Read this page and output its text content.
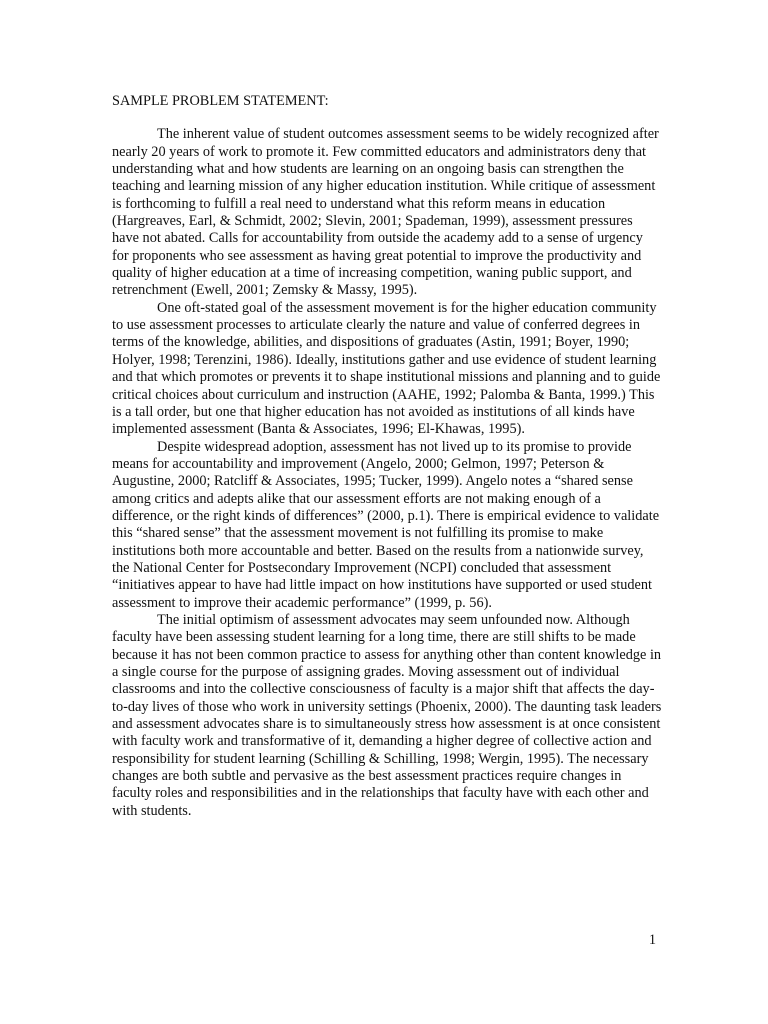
SAMPLE PROBLEM STATEMENT:

The inherent value of student outcomes assessment seems to be widely recognized after nearly 20 years of work to promote it. Few committed educators and administrators deny that understanding what and how students are learning on an ongoing basis can strengthen the teaching and learning mission of any higher education institution. While critique of assessment is forthcoming to fulfill a real need to understand what this reform means in education (Hargreaves, Earl, & Schmidt, 2002; Slevin, 2001; Spademan, 1999), assessment pressures have not abated. Calls for accountability from outside the academy add to a sense of urgency for proponents who see assessment as having great potential to improve the productivity and quality of higher education at a time of increasing competition, waning public support, and retrenchment (Ewell, 2001; Zemsky & Massy, 1995).

One oft-stated goal of the assessment movement is for the higher education community to use assessment processes to articulate clearly the nature and value of conferred degrees in terms of the knowledge, abilities, and dispositions of graduates (Astin, 1991; Boyer, 1990; Holyer, 1998; Terenzini, 1986). Ideally, institutions gather and use evidence of student learning and that which promotes or prevents it to shape institutional missions and planning and to guide critical choices about curriculum and instruction (AAHE, 1992; Palomba & Banta, 1999.) This is a tall order, but one that higher education has not avoided as institutions of all kinds have implemented assessment (Banta & Associates, 1996; El-Khawas, 1995).

Despite widespread adoption, assessment has not lived up to its promise to provide means for accountability and improvement (Angelo, 2000; Gelmon, 1997; Peterson & Augustine, 2000; Ratcliff & Associates, 1995; Tucker, 1999). Angelo notes a “shared sense among critics and adepts alike that our assessment efforts are not making enough of a difference, or the right kinds of differences” (2000, p.1). There is empirical evidence to validate this “shared sense” that the assessment movement is not fulfilling its promise to make institutions both more accountable and better. Based on the results from a nationwide survey, the National Center for Postsecondary Improvement (NCPI) concluded that assessment “initiatives appear to have had little impact on how institutions have supported or used student assessment to improve their academic performance” (1999, p. 56).

The initial optimism of assessment advocates may seem unfounded now. Although faculty have been assessing student learning for a long time, there are still shifts to be made because it has not been common practice to assess for anything other than content knowledge in a single course for the purpose of assigning grades. Moving assessment out of individual classrooms and into the collective consciousness of faculty is a major shift that affects the day-to-day lives of those who work in university settings (Phoenix, 2000). The daunting task leaders and assessment advocates share is to simultaneously stress how assessment is at once consistent with faculty work and transformative of it, demanding a higher degree of collective action and responsibility for student learning (Schilling & Schilling, 1998; Wergin, 1995). The necessary changes are both subtle and pervasive as the best assessment practices require changes in faculty roles and responsibilities and in the relationships that faculty have with each other and with students.

1
